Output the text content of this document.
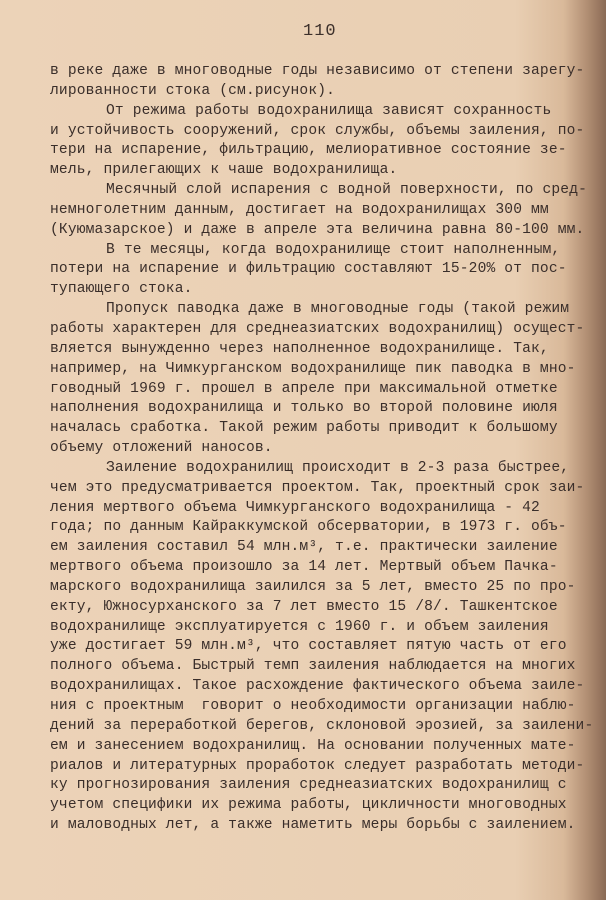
110
в реке даже в многоводные годы независимо от степени зарегу-
лированности стока (см.рисунок).
От режима работы водохранилища зависят сохранность
и устойчивость сооружений, срок службы, объемы заиления, по-
тери на испарение, фильтрацию, мелиоративное состояние зе-
мель, прилегающих к чаше водохранилища.
Месячный слой испарения с водной поверхности, по сред-
немноголетним данным, достигает на водохранилищах 300 мм
(Куюмазарское) и даже в апреле эта величина равна 80-100 мм.
В те месяцы, когда водохранилище стоит наполненным,
потери на испарение и фильтрацию составляют 15-20% от пос-
тупающего стока.
Пропуск паводка даже в многоводные годы (такой режим
работы характерен для среднеазиатских водохранилищ) осущест-
вляется вынужденно через наполненное водохранилище. Так,
например, на Чимкурганском водохранилище пик паводка в мно-
говодный 1969 г. прошел в апреле при максимальной отметке
наполнения водохранилища и только во второй половине июля
началась сработка. Такой режим работы приводит к большому
объему отложений наносов.
Заиление водохранилищ происходит в 2-3 раза быстрее,
чем это предусматривается проектом. Так, проектный срок заи-
ления мертвого объема Чимкурганского водохранилища - 42
года; по данным Кайраккумской обсерватории, в 1973 г. объ-
ем заиления составил 54 млн.м³, т.е. практически заиление
мертвого объема произошло за 14 лет. Мертвый объем Пачка-
марского водохранилища заилился за 5 лет, вместо 25 по про-
екту, Южносурханского за 7 лет вместо 15 /8/. Ташкентское
водохранилище эксплуатируется с 1960 г. и объем заиления
уже достигает 59 млн.м³, что составляет пятую часть от его
полного объема. Быстрый темп заиления наблюдается на многих
водохранилищах. Такое расхождение фактического объема заиле-
ния с проектным  говорит о необходимости организации наблю-
дений за переработкой берегов, склоновой эрозией, за заилени-
ем и занесением водохранилищ. На основании полученных мате-
риалов и литературных проработок следует разработать методи-
ку прогнозирования заиления среднеазиатских водохранилищ с
учетом специфики их режима работы, цикличности многоводных
и маловодных лет, а также наметить меры борьбы с заилением.
